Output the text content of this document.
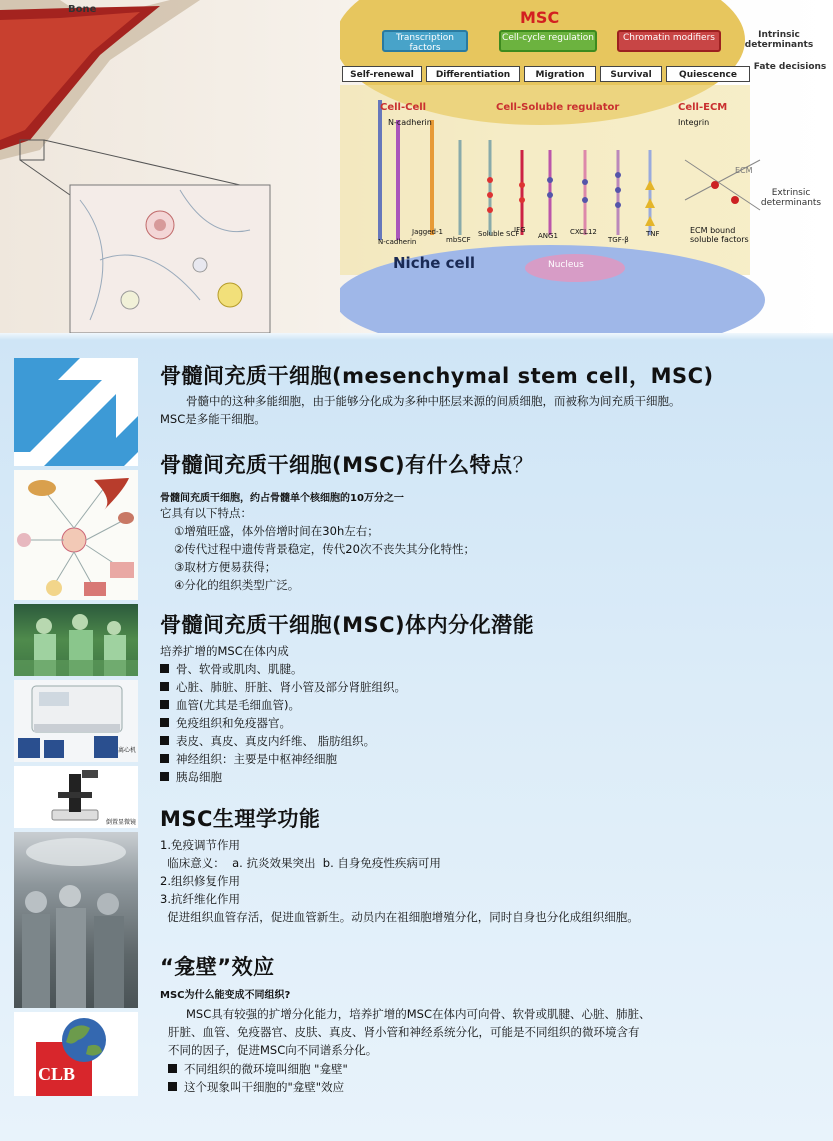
Bone	MSC
Transcription factors
Cell-cycle regulation	Chromatin modifiers	Intrinsic determinants
Self-renewal	Differentiation	Migration	Survival	Quiescence
Fate decisions
Cell-Cell	Cell-Soluble regulator	Cell-ECM
N-cadherin	Integrin
Extrinsic determinants
ECM
ECM bound soluble factors
N-cadherin
Jagged-1
mbSCF
Soluble SCF
IFG
ANG1 CXCL12
TGF-β
TNF
Niche cell	Nucleus
离心机
倒置显微镜
CLB
骨髓间充质干细胞(mesenchymal stem cell，MSC)
骨髓中的这种多能细胞，由于能够分化成为多种中胚层来源的间质细胞，而被称为间充质干细胞。
MSC是多能干细胞。
骨髓间充质干细胞(MSC)有什么特点？
骨髓间充质干细胞，约占骨髓单个核细胞的10万分之一
它具有以下特点：
①增殖旺盛，体外倍增时间在30h左右；
②传代过程中遗传背景稳定，传代20次不丧失其分化特性；
③取材方便易获得；
④分化的组织类型广泛。
骨髓间充质干细胞(MSC)体内分化潜能
培养扩增的MSC在体内成
骨、软骨或肌肉、肌腱。
心脏、肺脏、肝脏、肾小管及部分肾脏组织。
血管(尤其是毛细血管)。
免疫组织和免疫器官。
表皮、真皮、真皮内纤维、 脂肪组织。
神经组织：主要是中枢神经细胞
胰岛细胞
MSC生理学功能
1.免疫调节作用
临床意义：  a. 抗炎效果突出  b. 自身免疫性疾病可用
2.组织修复作用
3.抗纤维化作用
促进组织血管存活，促进血管新生。动员内在祖细胞增殖分化，同时自身也分化成组织细胞。
“龛壁”效应
MSC为什么能变成不同组织?
MSC具有较强的扩增分化能力，培养扩增的MSC在体内可向骨、软骨或肌腱、心脏、肺脏、
肝脏、血管、免疫器官、皮肤、真皮、肾小管和神经系统分化，可能是不同组织的微环境含有
不同的因子，促进MSC向不同谱系分化。
不同组织的微环境叫细胞 "龛壁"
这个现象叫干细胞的"龛壁"效应
